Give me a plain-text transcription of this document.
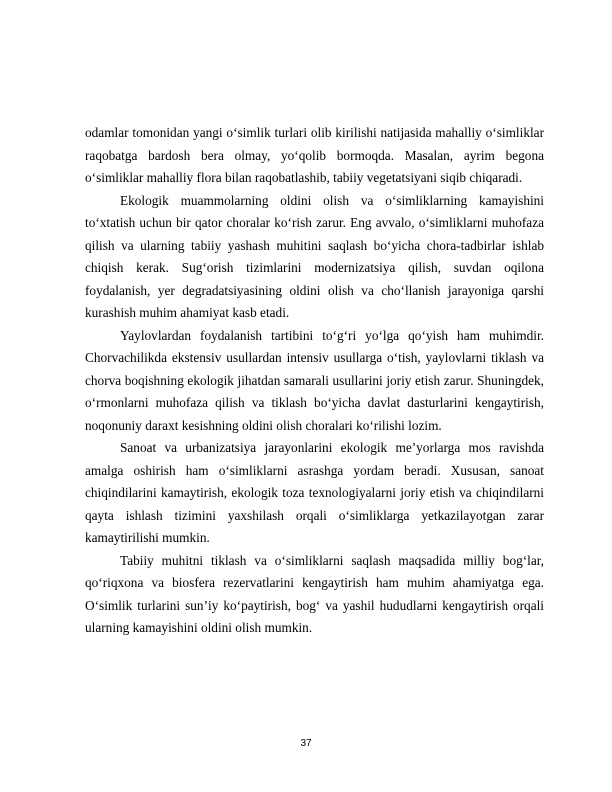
odamlar tomonidan yangi o‘simlik turlari olib kirilishi natijasida mahalliy o‘simliklar raqobatga bardosh bera olmay, yo‘qolib bormoqda. Masalan, ayrim begona o‘simliklar mahalliy flora bilan raqobatlashib, tabiiy vegetatsiyani siqib chiqaradi.

Ekologik muammolarning oldini olish va o‘simliklarning kamayishini to‘xtatish uchun bir qator choralar ko‘rish zarur. Eng avvalo, o‘simliklarni muhofaza qilish va ularning tabiiy yashash muhitini saqlash bo‘yicha chora-tadbirlar ishlab chiqish kerak. Sug‘orish tizimlarini modernizatsiya qilish, suvdan oqilona foydalanish, yer degradatsiyasining oldini olish va cho‘llanish jarayoniga qarshi kurashish muhim ahamiyat kasb etadi.

Yaylovlardan foydalanish tartibini to‘g‘ri yo‘lga qo‘yish ham muhimdir. Chorvachilikda ekstensiv usullardan intensiv usullarga o‘tish, yaylovlarni tiklash va chorva boqishning ekologik jihatdan samarali usullarini joriy etish zarur. Shuningdek, o‘rmonlarni muhofaza qilish va tiklash bo‘yicha davlat dasturlarini kengaytirish, noqonuniy daraxt kesishning oldini olish choralari ko‘rilishi lozim.

Sanoat va urbanizatsiya jarayonlarini ekologik me’yorlarga mos ravishda amalga oshirish ham o‘simliklarni asrashga yordam beradi. Xususan, sanoat chiqindilarini kamaytirish, ekologik toza texnologiyalarni joriy etish va chiqindilarni qayta ishlash tizimini yaxshilash orqali o‘simliklarga yetkazilayotgan zarar kamaytirilishi mumkin.

Tabiiy muhitni tiklash va o‘simliklarni saqlash maqsadida milliy bog‘lar, qo‘riqxona va biosfera rezervatlarini kengaytirish ham muhim ahamiyatga ega. O‘simlik turlarini sun’iy ko‘paytirish, bog‘ va yashil hududlarni kengaytirish orqali ularning kamayishini oldini olish mumkin.

37
